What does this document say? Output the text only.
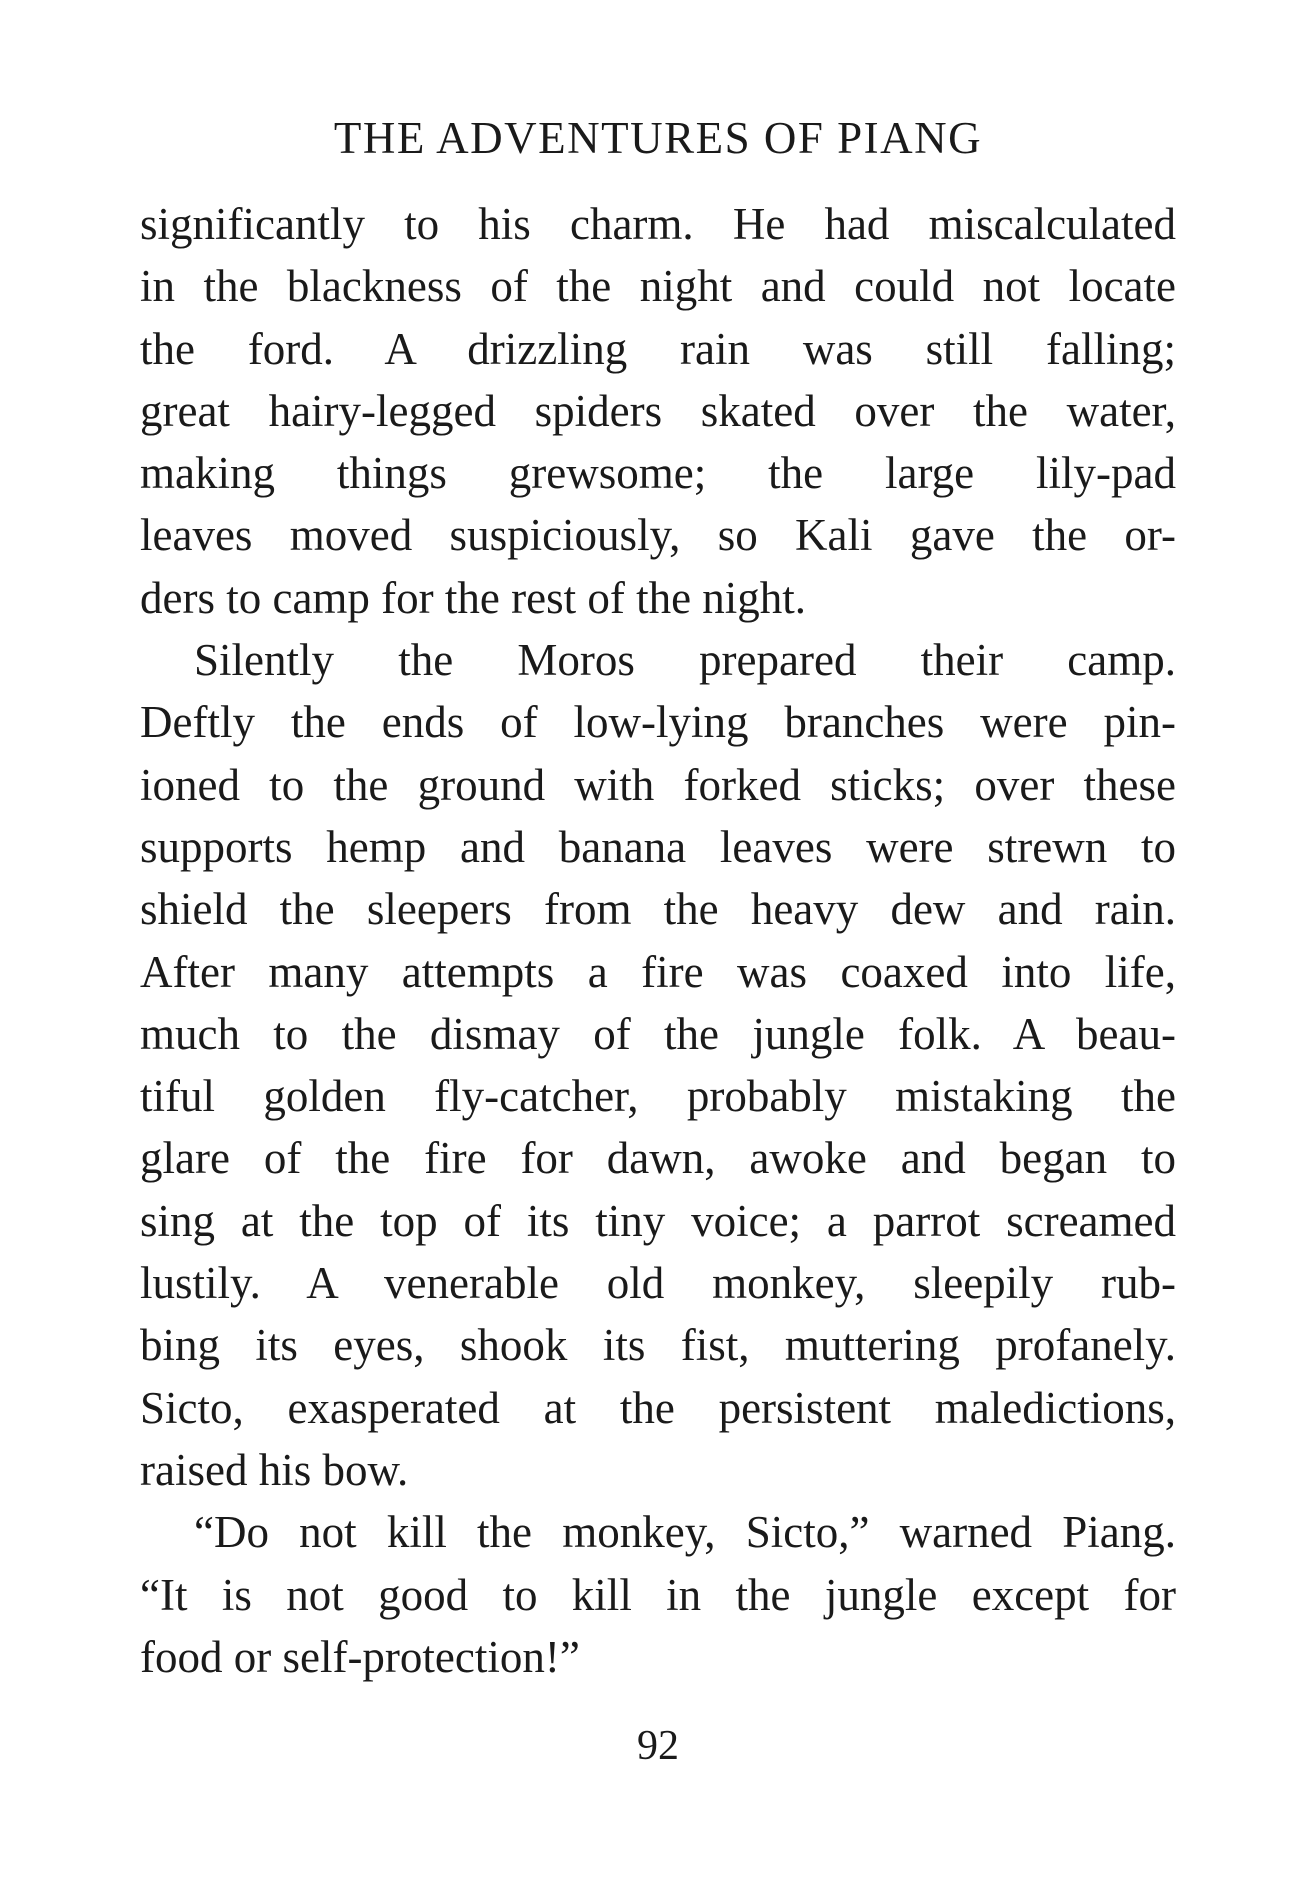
THE ADVENTURES OF PIANG

significantly to his charm. He had miscalculated
in the blackness of the night and could not locate
the ford. A drizzling rain was still falling;
great hairy-legged spiders skated over the water,
making things grewsome; the large lily-pad
leaves moved suspiciously, so Kali gave the or-
ders to camp for the rest of the night.

Silently the Moros prepared their camp.
Deftly the ends of low-lying branches were pin-
ioned to the ground with forked sticks; over these
supports hemp and banana leaves were strewn to
shield the sleepers from the heavy dew and rain.
After many attempts a fire was coaxed into life,
much to the dismay of the jungle folk. A beau-
tiful golden fly-catcher, probably mistaking the
glare of the fire for dawn, awoke and began to
sing at the top of its tiny voice; a parrot screamed
lustily. A venerable old monkey, sleepily rub-
bing its eyes, shook its fist, muttering profanely.
Sicto, exasperated at the persistent maledictions,
raised his bow.

“Do not kill the monkey, Sicto,” warned Piang.
“It is not good to kill in the jungle except for
food or self-protection!”

92
